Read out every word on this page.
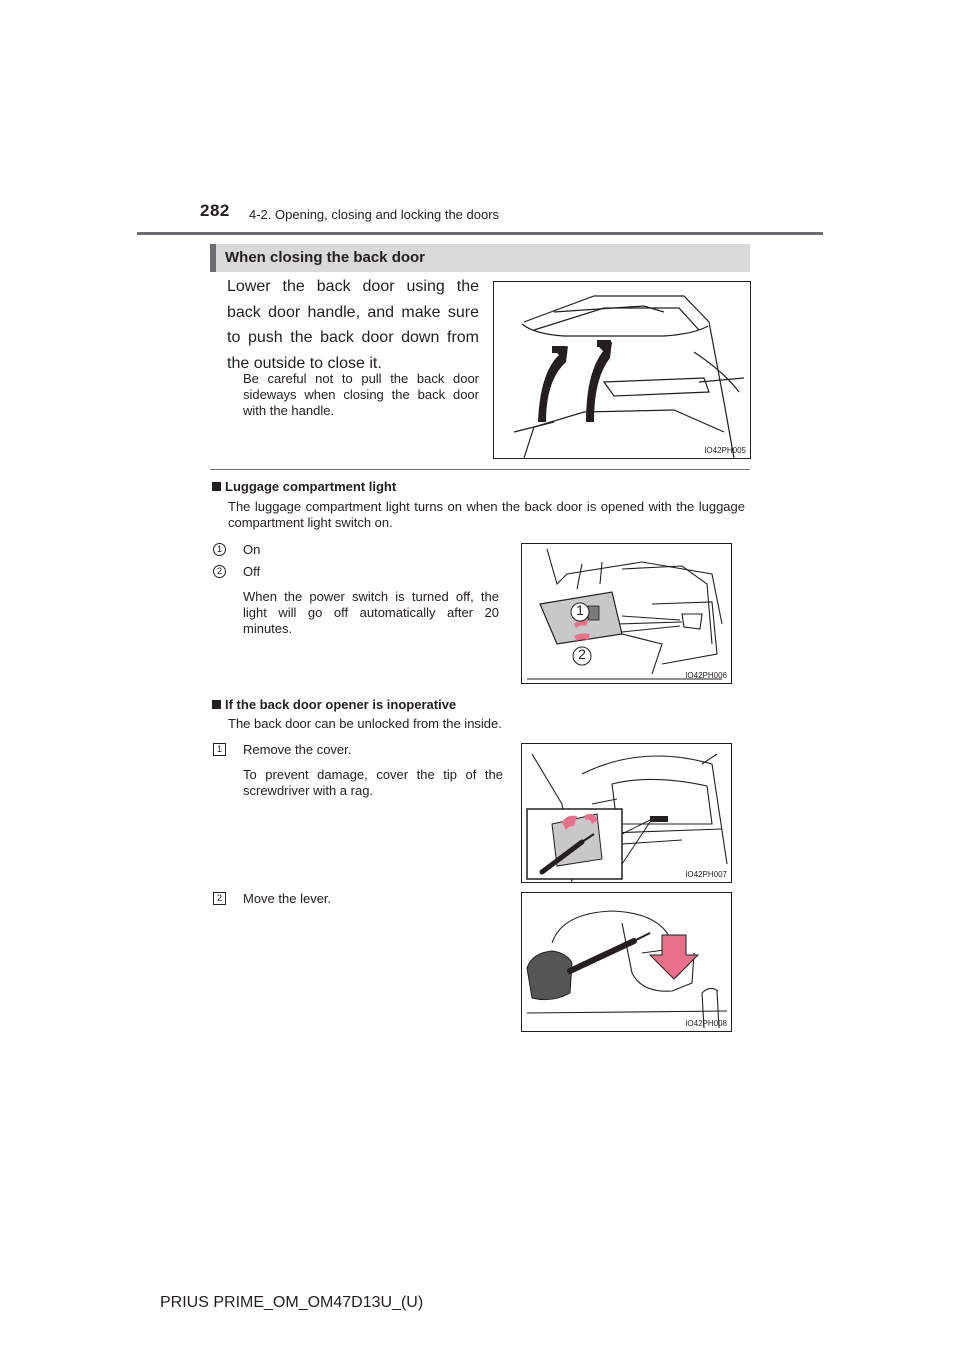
282 4-2. Opening, closing and locking the doors
When closing the back door
Lower the back door using the back door handle, and make sure to push the back door down from the outside to close it.
Be careful not to pull the back door sideways when closing the back door with the handle.
IO42PH005
Luggage compartment light
The luggage compartment light turns on when the back door is opened with the luggage compartment light switch on.
1	On
2	Off
When the power switch is turned off, the light will go off automatically after 20 minutes.
1
2
IO42PH006
If the back door opener is inoperative
The back door can be unlocked from the inside.
1	Remove the cover.
To prevent damage, cover the tip of the screwdriver with a rag.
IO42PH007
2	Move the lever.
IO42PH008
PRIUS PRIME_OM_OM47D13U_(U)
